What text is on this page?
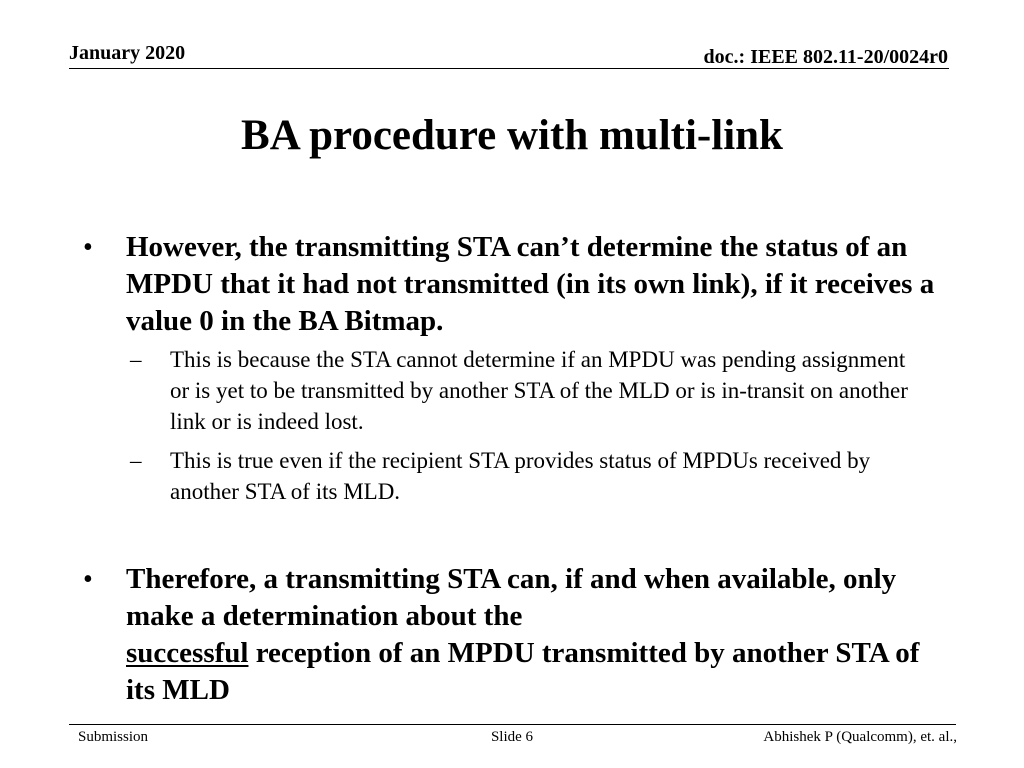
January 2020	doc.: IEEE 802.11-20/0024r0
BA procedure with multi-link
• However, the transmitting STA can’t determine the status of an MPDU that it had not transmitted (in its own link), if it receives a value 0 in the BA Bitmap.
– This is because the STA cannot determine if an MPDU was pending assignment or is yet to be transmitted by another STA of the MLD or is in-transit on another link or is indeed lost.
– This is true even if the recipient STA provides status of MPDUs received by another STA of its MLD.
• Therefore, a transmitting STA can, if and when available, only make a determination about the
successful reception of an MPDU transmitted by another STA of its MLD
Submission	Slide 6	Abhishek P (Qualcomm), et. al.,
